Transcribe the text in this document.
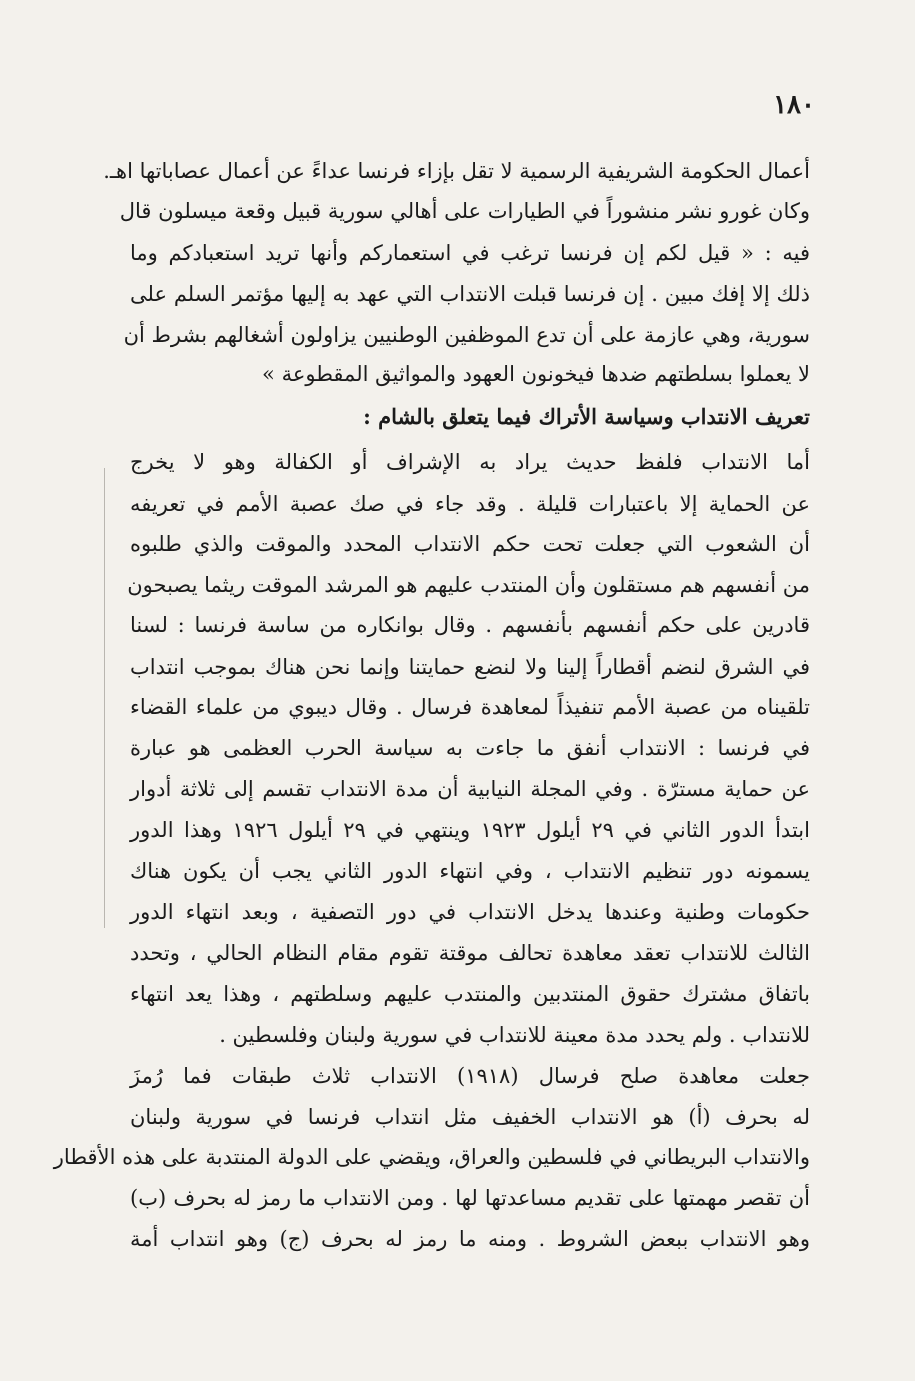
١٨٠
أعمال الحكومة الشريفية الرسمية لا تقل بإزاء فرنسا عداءً عن أعمال عصاباتها اهـ.
وكان غورو نشر منشوراً في الطيارات على أهالي سورية قبيل وقعة ميسلون قال
فيه : « قيل لكم إن فرنسا ترغب في استعماركم وأنها تريد استعبادكم وما
ذلك إلا إفك مبين . إن فرنسا قبلت الانتداب التي عهد به إليها مؤتمر السلم على
سورية، وهي عازمة على أن تدع الموظفين الوطنيين يزاولون أشغالهم بشرط أن
لا يعملوا بسلطتهم ضدها فيخونون العهود والمواثيق المقطوعة »
تعريف الانتداب وسياسة الأتراك فيما يتعلق بالشام :
أما الانتداب فلفظ حديث يراد به الإشراف أو الكفالة وهو لا يخرج
عن الحماية إلا باعتبارات قليلة . وقد جاء في صك عصبة الأمم في تعريفه
أن الشعوب التي جعلت تحت حكم الانتداب المحدد والموقت والذي طلبوه
من أنفسهم هم مستقلون وأن المنتدب عليهم هو المرشد الموقت ريثما يصبحون
قادرين على حكم أنفسهم بأنفسهم . وقال بوانكاره من ساسة فرنسا : لسنا
في الشرق لنضم أقطاراً إلينا ولا لنضع حمايتنا وإنما نحن هناك بموجب انتداب
تلقيناه من عصبة الأمم تنفيذاً لمعاهدة فرسال . وقال ديبوي من علماء القضاء
في فرنسا : الانتداب أنفق ما جاءت به سياسة الحرب العظمى هو عبارة
عن حماية مسترّة . وفي المجلة النيابية أن مدة الانتداب تقسم إلى ثلاثة أدوار
ابتدأ الدور الثاني في ٢٩ أيلول ١٩٢٣ وينتهي في ٢٩ أيلول ١٩٢٦ وهذا الدور
يسمونه دور تنظيم الانتداب ، وفي انتهاء الدور الثاني يجب أن يكون هناك
حكومات وطنية وعندها يدخل الانتداب في دور التصفية ، وبعد انتهاء الدور
الثالث للانتداب تعقد معاهدة تحالف موقتة تقوم مقام النظام الحالي ، وتحدد
باتفاق مشترك حقوق المنتدبين والمنتدب عليهم وسلطتهم ، وهذا يعد انتهاء
للانتداب . ولم يحدد مدة معينة للانتداب في سورية ولبنان وفلسطين .
جعلت معاهدة صلح فرسال (١٩١٨) الانتداب ثلاث طبقات فما رُمزَ
له بحرف (أ) هو الانتداب الخفيف مثل انتداب فرنسا في سورية ولبنان
والانتداب البريطاني في فلسطين والعراق، ويقضي على الدولة المنتدبة على هذه الأقطار
أن تقصر مهمتها على تقديم مساعدتها لها . ومن الانتداب ما رمز له بحرف (ب)
وهو الانتداب ببعض الشروط . ومنه ما رمز له بحرف (ج) وهو انتداب أمة
